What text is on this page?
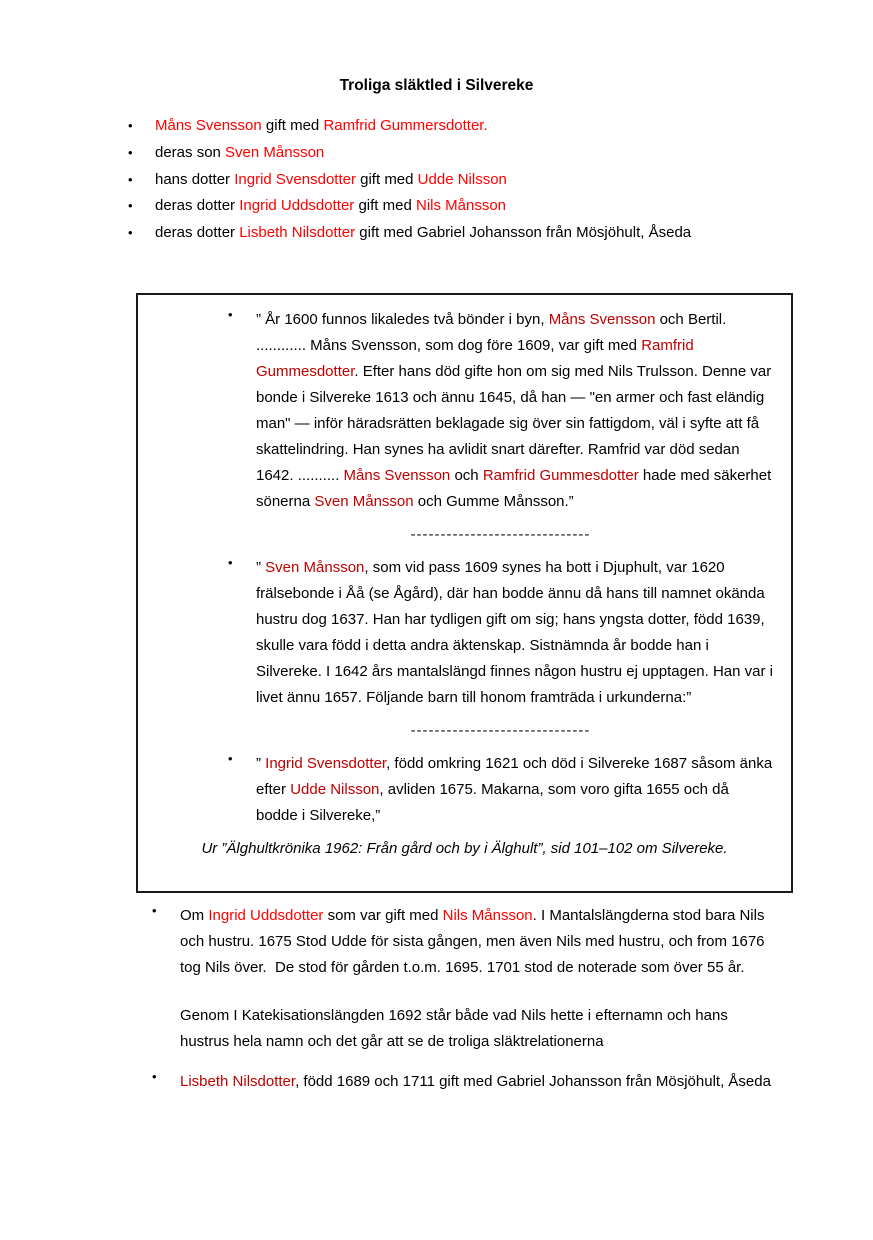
Troliga släktled i Silvereke
•	Måns Svensson gift med Ramfrid Gummersdotter.
•	deras son Sven Månsson
•	hans dotter Ingrid Svensdotter gift med Udde Nilsson
•	deras dotter Ingrid Uddsdotter gift med Nils Månsson
•	deras dotter Lisbeth Nilsdotter gift med Gabriel Johansson från Mösjöhult, Åseda
•	” År 1600 funnos likaledes två bönder i byn, Måns Svensson och Bertil. ............ Måns Svensson, som dog före 1609, var gift med Ramfrid Gummesdotter. Efter hans död gifte hon om sig med Nils Trulsson. Denne var bonde i Silvereke 1613 och ännu 1645, då han — "en armer och fast eländig man" — inför häradsrätten beklagade sig över sin fattigdom, väl i syfte att få skattelindring. Han synes ha avlidit snart därefter. Ramfrid var död sedan 1642. .......... Måns Svensson och Ramfrid Gummesdotter hade med säkerhet sönerna Sven Månsson och Gumme Månsson.”
------------------------------
•	” Sven Månsson, som vid pass 1609 synes ha bott i Djuphult, var 1620 frälsebonde i Åå (se Ågård), där han bodde ännu då hans till namnet okända hustru dog 1637. Han har tydligen gift om sig; hans yngsta dotter, född 1639, skulle vara född i detta andra äktenskap. Sistnämnda år bodde han i Silvereke. I 1642 års mantalslängd finnes någon hustru ej upptagen. Han var i livet ännu 1657. Följande barn till honom framträda i urkunderna:”
------------------------------
•	” Ingrid Svensdotter, född omkring 1621 och död i Silvereke 1687 såsom änka efter Udde Nilsson, avliden 1675. Makarna, som voro gifta 1655 och då bodde i Silvereke,”
Ur ”Älghultkrönika 1962: Från gård och by i Älghult”, sid 101–102 om Silvereke.
•	Om Ingrid Uddsdotter som var gift med Nils Månsson. I Mantalslängderna stod bara Nils och hustru. 1675 Stod Udde för sista gången, men även Nils med hustru, och from 1676 tog Nils över.  De stod för gården t.o.m. 1695. 1701 stod de noterade som över 55 år.
Genom I Katekisationslängden 1692 står både vad Nils hette i efternamn och hans hustrus hela namn och det går att se de troliga släktrelationerna
•	Lisbeth Nilsdotter, född 1689 och 1711 gift med Gabriel Johansson från Mösjöhult, Åseda
